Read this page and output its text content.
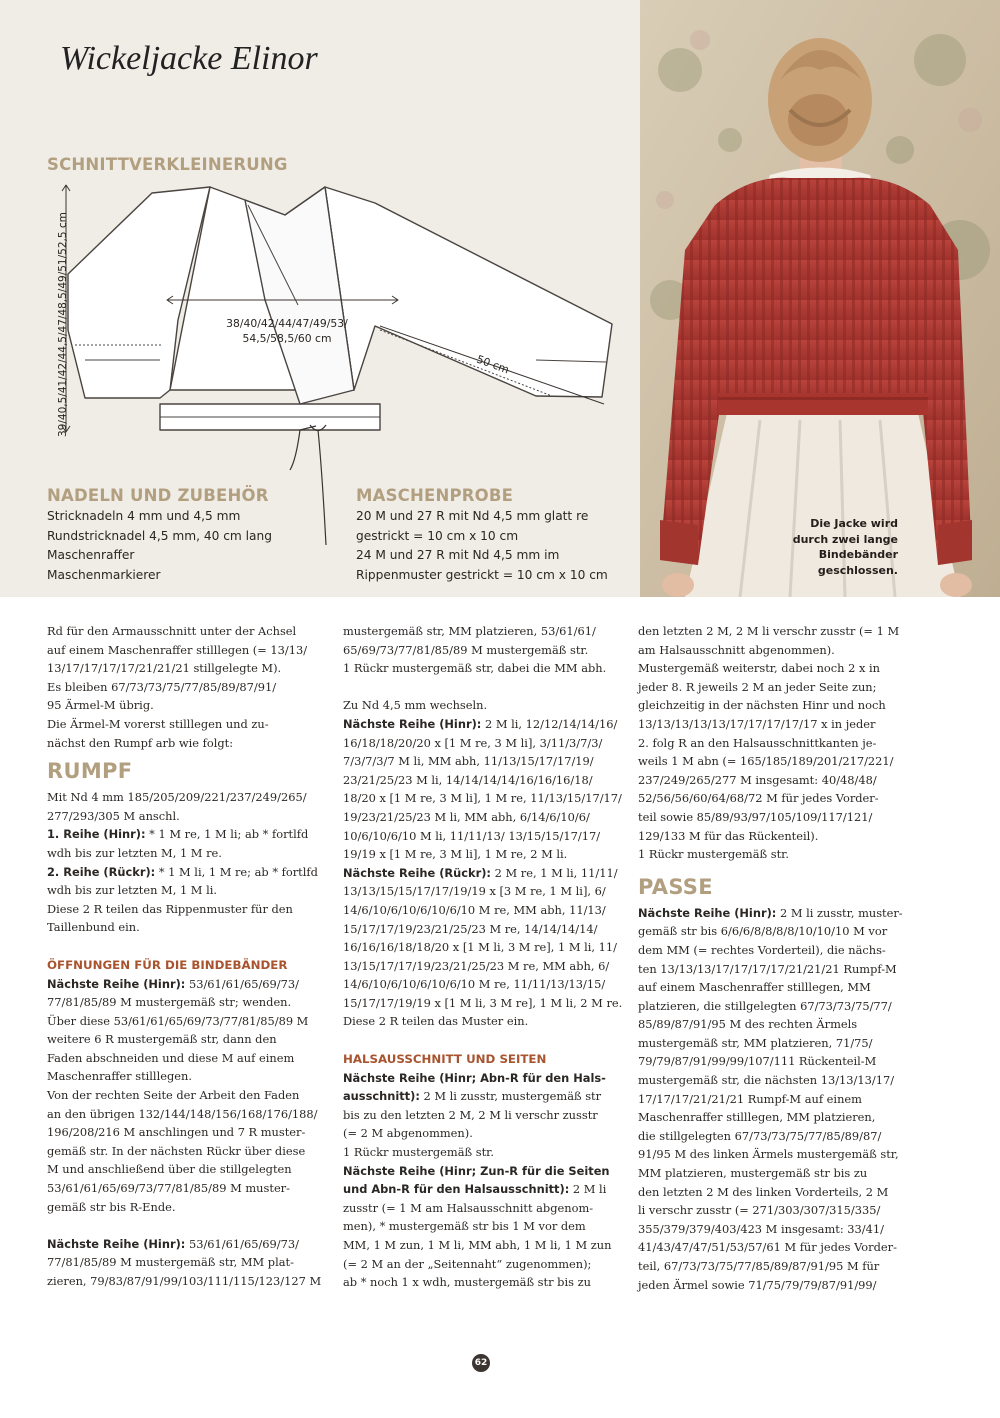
Wickeljacke Elinor
SCHNITTVERKLEINERUNG
39/40,5/41/42/44,5/47/48,5/49/51/52,5 cm	38/40/42/44/47/49/53/
54,5/58,5/60 cm
50 cm
NADELN UND ZUBEHÖR
Stricknadeln 4 mm und 4,5 mm
Rundstricknadel 4,5 mm, 40 cm lang
Maschenraffer
Maschenmarkierer
MASCHENPROBE
20 M und 27 R mit Nd 4,5 mm glatt re
gestrickt = 10 cm x 10 cm
24 M und 27 R mit Nd 4,5 mm im
Rippenmuster gestrickt = 10 cm x 10 cm
Die Jacke wird
durch zwei lange
Bindebänder
geschlossen.
Rd für den Armausschnitt unter der Achsel
auf einem Maschenraffer stilllegen (= 13/13/
13/17/17/17/17/21/21/21 stillgelegte M).
Es bleiben 67/73/73/75/77/85/89/87/91/
95 Ärmel-M übrig.
Die Ärmel-M vorerst stilllegen und zu-
nächst den Rumpf arb wie folgt:
RUMPF
Mit Nd 4 mm 185/205/209/221/237/249/265/
277/293/305 M anschl.
1. Reihe (Hinr): * 1 M re, 1 M li; ab * fortlfd
wdh bis zur letzten M, 1 M re.
2. Reihe (Rückr): * 1 M li, 1 M re; ab * fortlfd
wdh bis zur letzten M, 1 M li.
Diese 2 R teilen das Rippenmuster für den
Taillenbund ein.
ÖFFNUNGEN FÜR DIE BINDEBÄNDER
Nächste Reihe (Hinr): 53/61/61/65/69/73/
77/81/85/89 M mustergemäß str; wenden.
Über diese 53/61/61/65/69/73/77/81/85/89 M
weitere 6 R mustergemäß str, dann den
Faden abschneiden und diese M auf einem
Maschenraffer stilllegen.
Von der rechten Seite der Arbeit den Faden
an den übrigen 132/144/148/156/168/176/188/
196/208/216 M anschlingen und 7 R muster-
gemäß str. In der nächsten Rückr über diese
M und anschließend über die stillgelegten
53/61/61/65/69/73/77/81/85/89 M muster-
gemäß str bis R-Ende.
Nächste Reihe (Hinr): 53/61/61/65/69/73/
77/81/85/89 M mustergemäß str, MM plat-
zieren, 79/83/87/91/99/103/111/115/123/127 M
mustergemäß str, MM platzieren, 53/61/61/
65/69/73/77/81/85/89 M mustergemäß str.
1 Rückr mustergemäß str, dabei die MM abh.
Zu Nd 4,5 mm wechseln.
Nächste Reihe (Hinr): 2 M li, 12/12/14/14/16/
16/18/18/20/20 x [1 M re, 3 M li], 3/11/3/7/3/
7/3/7/3/7 M li, MM abh, 11/13/15/17/17/19/
23/21/25/23 M li, 14/14/14/14/16/16/16/18/
18/20 x [1 M re, 3 M li], 1 M re, 11/13/15/17/17/
19/23/21/25/23 M li, MM abh, 6/14/6/10/6/
10/6/10/6/10 M li, 11/11/13/ 13/15/15/17/17/
19/19 x [1 M re, 3 M li], 1 M re, 2 M li.
Nächste Reihe (Rückr): 2 M re, 1 M li, 11/11/
13/13/15/15/17/17/19/19 x [3 M re, 1 M li], 6/
14/6/10/6/10/6/10/6/10 M re, MM abh, 11/13/
15/17/17/19/23/21/25/23 M re, 14/14/14/14/
16/16/16/18/18/20 x [1 M li, 3 M re], 1 M li, 11/
13/15/17/17/19/23/21/25/23 M re, MM abh, 6/
14/6/10/6/10/6/10/6/10 M re, 11/11/13/13/15/
15/17/17/19/19 x [1 M li, 3 M re], 1 M li, 2 M re.
Diese 2 R teilen das Muster ein.
HALSAUSSCHNITT UND SEITEN
Nächste Reihe (Hinr; Abn-R für den Hals-
ausschnitt): 2 M li zusstr, mustergemäß str
bis zu den letzten 2 M, 2 M li verschr zusstr
(= 2 M abgenommen).
1 Rückr mustergemäß str.
Nächste Reihe (Hinr; Zun-R für die Seiten
und Abn-R für den Halsausschnitt): 2 M li
zusstr (= 1 M am Halsausschnitt abgenom-
men), * mustergemäß str bis 1 M vor dem
MM, 1 M zun, 1 M li, MM abh, 1 M li, 1 M zun
(= 2 M an der „Seitennaht“ zugenommen);
ab * noch 1 x wdh, mustergemäß str bis zu
den letzten 2 M, 2 M li verschr zusstr (= 1 M
am Halsausschnitt abgenommen).
Mustergemäß weiterstr, dabei noch 2 x in
jeder 8. R jeweils 2 M an jeder Seite zun;
gleichzeitig in der nächsten Hinr und noch
13/13/13/13/13/17/17/17/17/17 x in jeder
2. folg R an den Halsausschnittkanten je-
weils 1 M abn (= 165/185/189/201/217/221/
237/249/265/277 M insgesamt: 40/48/48/
52/56/56/60/64/68/72 M für jedes Vorder-
teil sowie 85/89/93/97/105/109/117/121/
129/133 M für das Rückenteil).
1 Rückr mustergemäß str.
PASSE
Nächste Reihe (Hinr): 2 M li zusstr, muster-
gemäß str bis 6/6/6/8/8/8/8/10/10/10 M vor
dem MM (= rechtes Vorderteil), die nächs-
ten 13/13/13/17/17/17/17/21/21/21 Rumpf-M
auf einem Maschenraffer stilllegen, MM
platzieren, die stillgelegten 67/73/73/75/77/
85/89/87/91/95 M des rechten Ärmels
mustergemäß str, MM platzieren, 71/75/
79/79/87/91/99/99/107/111 Rückenteil-M
mustergemäß str, die nächsten 13/13/13/17/
17/17/17/21/21/21 Rumpf-M auf einem
Maschenraffer stilllegen, MM platzieren,
die stillgelegten 67/73/73/75/77/85/89/87/
91/95 M des linken Ärmels mustergemäß str,
MM platzieren, mustergemäß str bis zu
den letzten 2 M des linken Vorderteils, 2 M
li verschr zusstr (= 271/303/307/315/335/
355/379/379/403/423 M insgesamt: 33/41/
41/43/47/47/51/53/57/61 M für jedes Vorder-
teil, 67/73/73/75/77/85/89/87/91/95 M für
jeden Ärmel sowie 71/75/79/79/87/91/99/
62
